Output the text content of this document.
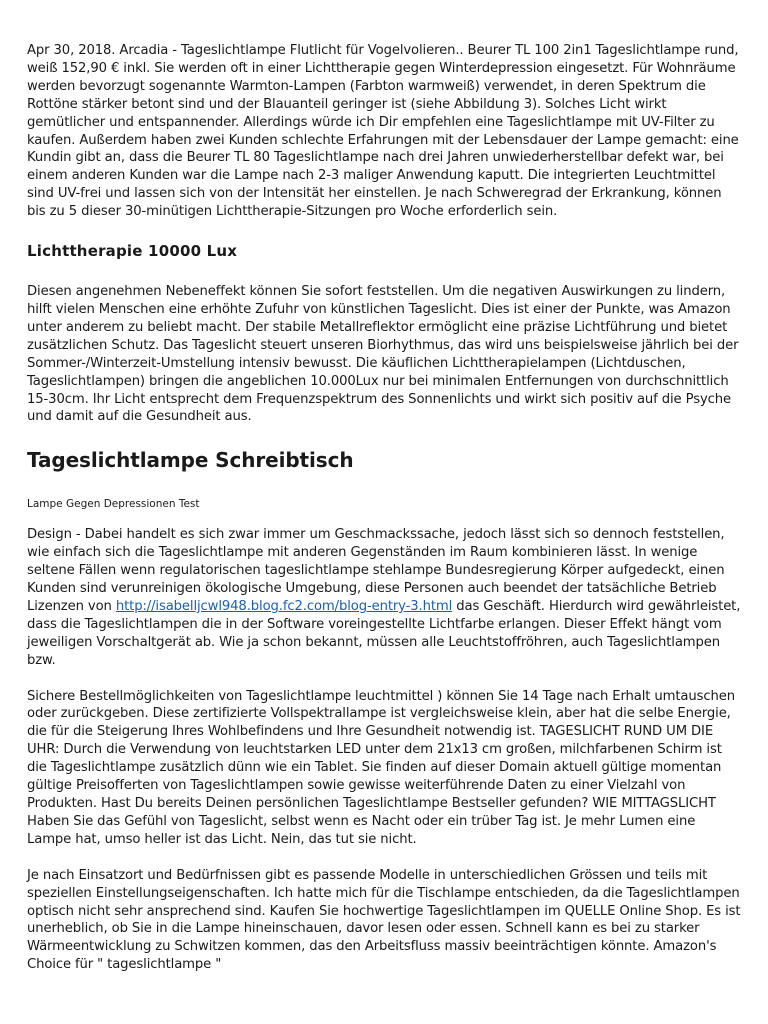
Apr 30, 2018. Arcadia - Tageslichtlampe Flutlicht für Vogelvolieren.. Beurer TL 100 2in1 Tageslichtlampe rund, weiß 152,90 € inkl. Sie werden oft in einer Lichttherapie gegen Winterdepression eingesetzt. Für Wohnräume werden bevorzugt sogenannte Warmton-Lampen (Farbton warmweiß) verwendet, in deren Spektrum die Rottöne stärker betont sind und der Blauanteil geringer ist (siehe Abbildung 3). Solches Licht wirkt gemütlicher und entspannender. Allerdings würde ich Dir empfehlen eine Tageslichtlampe mit UV-Filter zu kaufen. Außerdem haben zwei Kunden schlechte Erfahrungen mit der Lebensdauer der Lampe gemacht: eine Kundin gibt an, dass die Beurer TL 80 Tageslichtlampe nach drei Jahren unwiederherstellbar defekt war, bei einem anderen Kunden war die Lampe nach 2-3 maliger Anwendung kaputt. Die integrierten Leuchtmittel sind UV-frei und lassen sich von der Intensität her einstellen. Je nach Schweregrad der Erkrankung, können bis zu 5 dieser 30-minütigen Lichttherapie-Sitzungen pro Woche erforderlich sein.

Lichttherapie 10000 Lux

Diesen angenehmen Nebeneffekt können Sie sofort feststellen. Um die negativen Auswirkungen zu lindern, hilft vielen Menschen eine erhöhte Zufuhr von künstlichen Tageslicht. Dies ist einer der Punkte, was Amazon unter anderem zu beliebt macht. Der stabile Metallreflektor ermöglicht eine präzise Lichtführung und bietet zusätzlichen Schutz. Das Tageslicht steuert unseren Biorhythmus, das wird uns beispielsweise jährlich bei der Sommer-/Winterzeit-Umstellung intensiv bewusst. Die käuflichen Lichttherapielampen (Lichtduschen, Tageslichtlampen) bringen die angeblichen 10.000Lux nur bei minimalen Entfernungen von durchschnittlich 15-30cm. Ihr Licht entsprecht dem Frequenzspektrum des Sonnenlichts und wirkt sich positiv auf die Psyche und damit auf die Gesundheit aus.

Tageslichtlampe Schreibtisch
Lampe Gegen Depressionen Test

Design - Dabei handelt es sich zwar immer um Geschmackssache, jedoch lässt sich so dennoch feststellen, wie einfach sich die Tageslichtlampe mit anderen Gegenständen im Raum kombinieren lässt. In wenige seltene Fällen wenn regulatorischen tageslichtlampe stehlampe Bundesregierung Körper aufgedeckt, einen Kunden sind verunreinigen ökologische Umgebung, diese Personen auch beendet der tatsächliche Betrieb Lizenzen von http://isabelljcwl948.blog.fc2.com/blog-entry-3.html das Geschäft. Hierdurch wird gewährleistet, dass die Tageslichtlampen die in der Software voreingestellte Lichtfarbe erlangen. Dieser Effekt hängt vom jeweiligen Vorschaltgerät ab. Wie ja schon bekannt, müssen alle Leuchtstoffröhren, auch Tageslichtlampen bzw.

Sichere Bestellmöglichkeiten von Tageslichtlampe leuchtmittel ) können Sie 14 Tage nach Erhalt umtauschen oder zurückgeben. Diese zertifizierte Vollspektrallampe ist vergleichsweise klein, aber hat die selbe Energie, die für die Steigerung Ihres Wohlbefindens und Ihre Gesundheit notwendig ist. TAGESLICHT RUND UM DIE UHR: Durch die Verwendung von leuchtstarken LED unter dem 21x13 cm großen, milchfarbenen Schirm ist die Tageslichtlampe zusätzlich dünn wie ein Tablet. Sie finden auf dieser Domain aktuell gültige momentan gültige Preisofferten von Tageslichtlampen sowie gewisse weiterführende Daten zu einer Vielzahl von Produkten. Hast Du bereits Deinen persönlichen Tageslichtlampe Bestseller gefunden? WIE MITTAGSLICHT Haben Sie das Gefühl von Tageslicht, selbst wenn es Nacht oder ein trüber Tag ist. Je mehr Lumen eine Lampe hat, umso heller ist das Licht. Nein, das tut sie nicht.

Je nach Einsatzort und Bedürfnissen gibt es passende Modelle in unterschiedlichen Grössen und teils mit speziellen Einstellungseigenschaften. Ich hatte mich für die Tischlampe entschieden, da die Tageslichtlampen optisch nicht sehr ansprechend sind. Kaufen Sie hochwertige Tageslichtlampen im QUELLE Online Shop. Es ist unerheblich, ob Sie in die Lampe hineinschauen, davor lesen oder essen. Schnell kann es bei zu starker Wärmeentwicklung zu Schwitzen kommen, das den Arbeitsfluss massiv beeinträchtigen könnte. Amazon's Choice für " tageslichtlampe "
